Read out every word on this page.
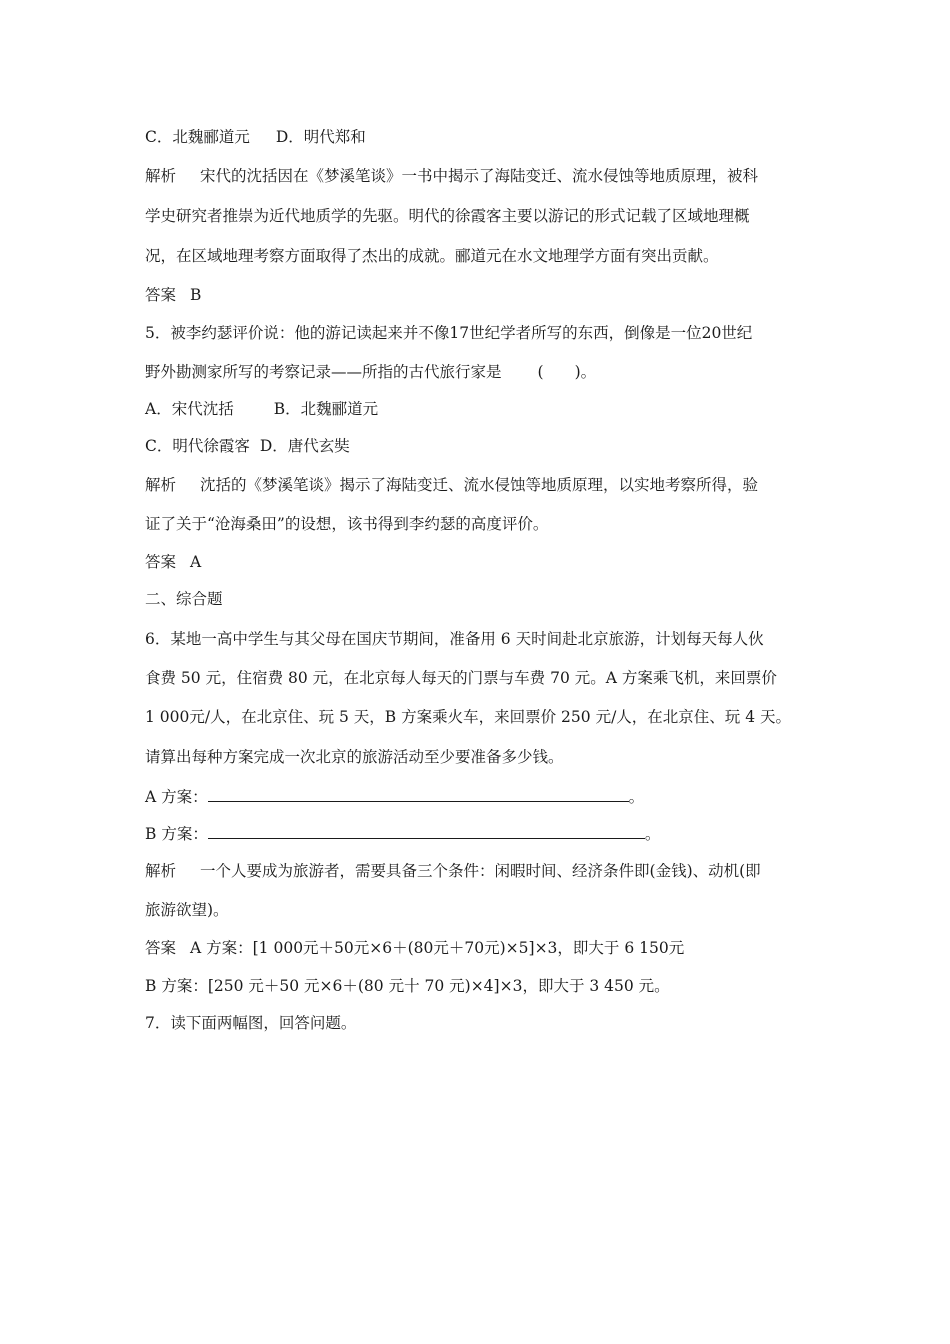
C．北魏郦道元 D．明代郑和
解析 宋代的沈括因在《梦溪笔谈》一书中揭示了海陆变迁、流水侵蚀等地质原理，被科
学史研究者推崇为近代地质学的先驱。明代的徐霞客主要以游记的形式记载了区域地理概
况，在区域地理考察方面取得了杰出的成就。郦道元在水文地理学方面有突出贡献。
答案 B
5．被李约瑟评价说：他的游记读起来并不像17世纪学者所写的东西，倒像是一位20世纪
野外勘测家所写的考察记录——所指的古代旅行家是 (　　)。
A．宋代沈括	B．北魏郦道元
C．明代徐霞客 D．唐代玄奘
解析 沈括的《梦溪笔谈》揭示了海陆变迁、流水侵蚀等地质原理，以实地考察所得，验
证了关于“沧海桑田”的设想，该书得到李约瑟的高度评价。
答案 A
二、综合题
6．某地一高中学生与其父母在国庆节期间，准备用 6 天时间赴北京旅游，计划每天每人伙
食费 50 元，住宿费 80 元，在北京每人每天的门票与车费 70 元。A 方案乘飞机，来回票价
1 000元/人，在北京住、玩 5 天，B 方案乘火车，来回票价 250 元/人，在北京住、玩 4 天。
请算出每种方案完成一次北京的旅游活动至少要准备多少钱。
A 方案：	。
B 方案：	。
解析 一个人要成为旅游者，需要具备三个条件：闲暇时间、经济条件即(金钱)、动机(即
旅游欲望)。
答案 A 方案：[1 000元＋50元×6＋(80元＋70元)×5]×3，即大于 6 150元
B 方案：[250 元＋50 元×6＋(80 元十 70 元)×4]×3，即大于 3 450 元。
7．读下面两幅图，回答问题。
